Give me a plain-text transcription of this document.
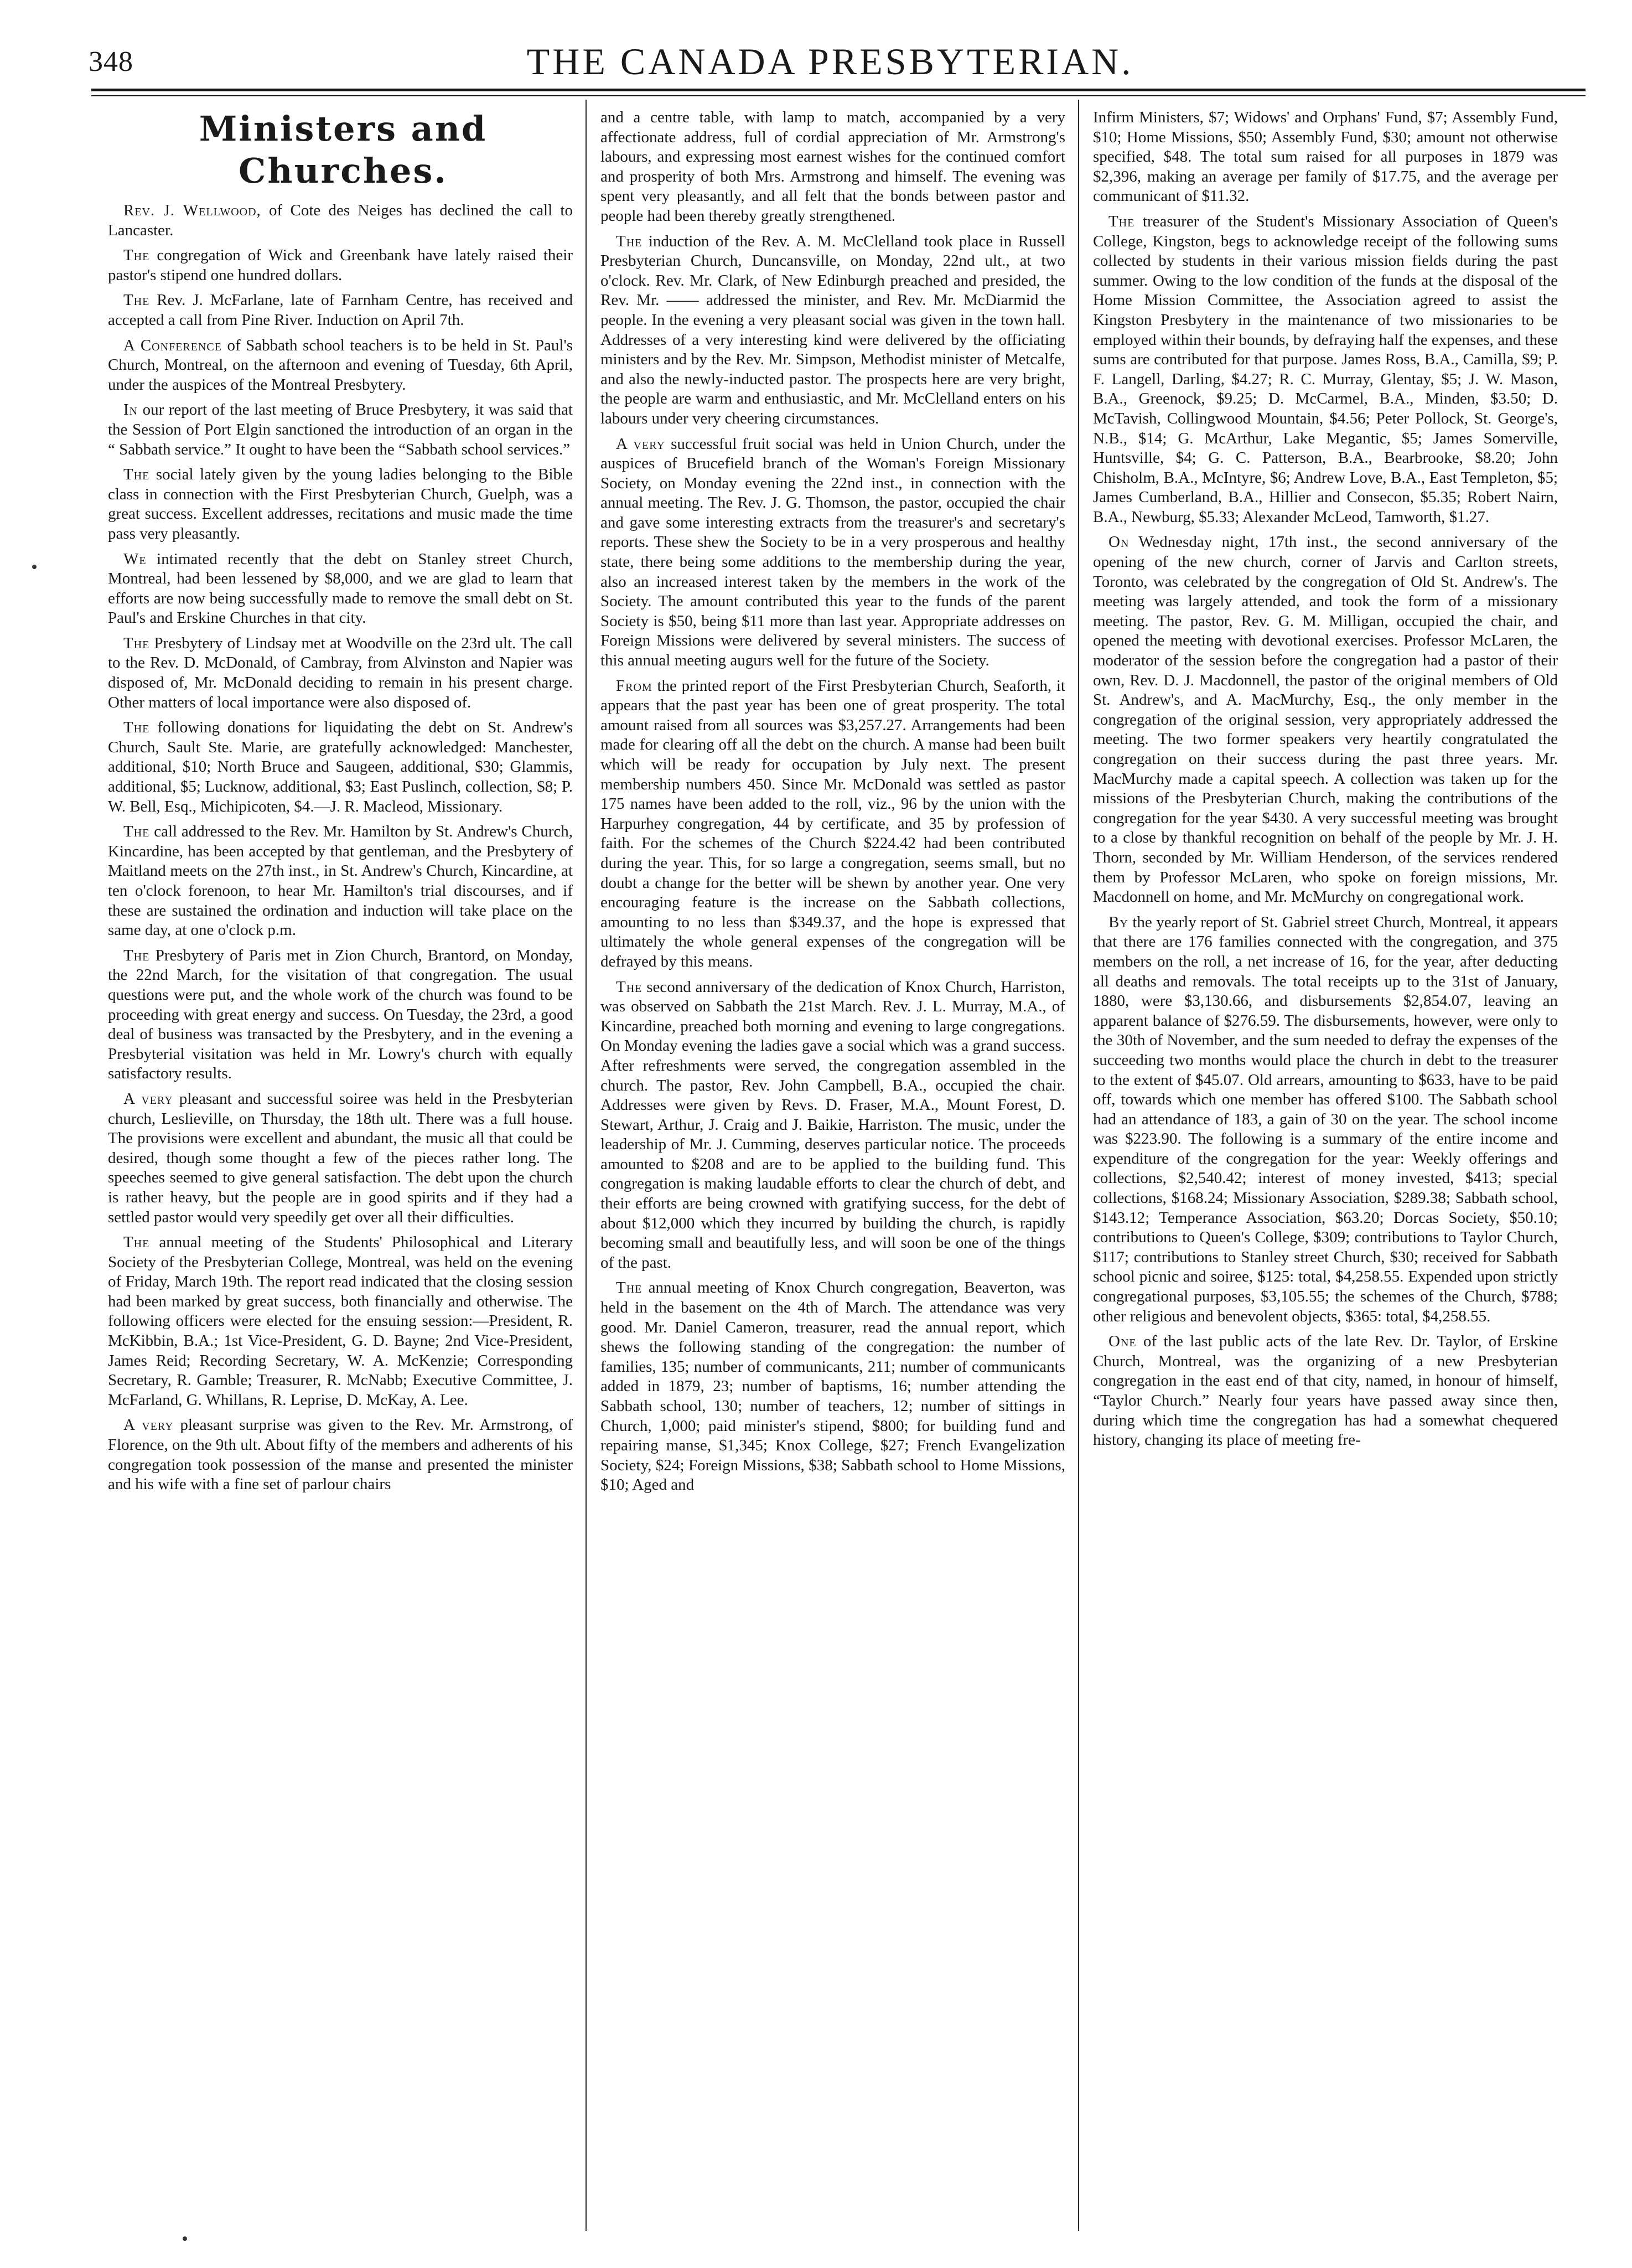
348	THE CANADA PRESBYTERIAN.
Ministers and Churches.

Rev. J. Wellwood, of Cote des Neiges has declined the call to Lancaster.

The congregation of Wick and Greenbank have lately raised their pastor's stipend one hundred dollars.

The Rev. J. McFarlane, late of Farnham Centre, has received and accepted a call from Pine River. Induction on April 7th.

A Conference of Sabbath school teachers is to be held in St. Paul's Church, Montreal, on the afternoon and evening of Tuesday, 6th April, under the auspices of the Montreal Presbytery.

In our report of the last meeting of Bruce Presbytery, it was said that the Session of Port Elgin sanctioned the introduction of an organ in the “ Sabbath service.” It ought to have been the “Sabbath school services.”

The social lately given by the young ladies belonging to the Bible class in connection with the First Presbyterian Church, Guelph, was a great success. Excellent addresses, recitations and music made the time pass very pleasantly.

We intimated recently that the debt on Stanley street Church, Montreal, had been lessened by $8,000, and we are glad to learn that efforts are now being successfully made to remove the small debt on St. Paul's and Erskine Churches in that city.

The Presbytery of Lindsay met at Woodville on the 23rd ult. The call to the Rev. D. McDonald, of Cambray, from Alvinston and Napier was disposed of, Mr. McDonald deciding to remain in his present charge. Other matters of local importance were also disposed of.

The following donations for liquidating the debt on St. Andrew's Church, Sault Ste. Marie, are gratefully acknowledged: Manchester, additional, $10; North Bruce and Saugeen, additional, $30; Glammis, additional, $5; Lucknow, additional, $3; East Puslinch, collection, $8; P. W. Bell, Esq., Michipicoten, $4.—J. R. Macleod, Missionary.

The call addressed to the Rev. Mr. Hamilton by St. Andrew's Church, Kincardine, has been accepted by that gentleman, and the Presbytery of Maitland meets on the 27th inst., in St. Andrew's Church, Kincardine, at ten o'clock forenoon, to hear Mr. Hamilton's trial discourses, and if these are sustained the ordination and induction will take place on the same day, at one o'clock p.m.

The Presbytery of Paris met in Zion Church, Brantord, on Monday, the 22nd March, for the visitation of that congregation. The usual questions were put, and the whole work of the church was found to be proceeding with great energy and success. On Tuesday, the 23rd, a good deal of business was transacted by the Presbytery, and in the evening a Presbyterial visitation was held in Mr. Lowry's church with equally satisfactory results.

A very pleasant and successful soiree was held in the Presbyterian church, Leslieville, on Thursday, the 18th ult. There was a full house. The provisions were excellent and abundant, the music all that could be desired, though some thought a few of the pieces rather long. The speeches seemed to give general satisfaction. The debt upon the church is rather heavy, but the people are in good spirits and if they had a settled pastor would very speedily get over all their difficulties.

The annual meeting of the Students' Philosophical and Literary Society of the Presbyterian College, Montreal, was held on the evening of Friday, March 19th. The report read indicated that the closing session had been marked by great success, both financially and otherwise. The following officers were elected for the ensuing session:—President, R. McKibbin, B.A.; 1st Vice-President, G. D. Bayne; 2nd Vice-President, James Reid; Recording Secretary, W. A. McKenzie; Corresponding Secretary, R. Gamble; Treasurer, R. McNabb; Executive Committee, J. McFarland, G. Whillans, R. Leprise, D. McKay, A. Lee.

A very pleasant surprise was given to the Rev. Mr. Armstrong, of Florence, on the 9th ult. About fifty of the members and adherents of his congregation took possession of the manse and presented the minister and his wife with a fine set of parlour chairs

and a centre table, with lamp to match, accompanied by a very affectionate address, full of cordial appreciation of Mr. Armstrong's labours, and expressing most earnest wishes for the continued comfort and prosperity of both Mrs. Armstrong and himself. The evening was spent very pleasantly, and all felt that the bonds between pastor and people had been thereby greatly strengthened.

The induction of the Rev. A. M. McClelland took place in Russell Presbyterian Church, Duncansville, on Monday, 22nd ult., at two o'clock. Rev. Mr. Clark, of New Edinburgh preached and presided, the Rev. Mr. —— addressed the minister, and Rev. Mr. McDiarmid the people. In the evening a very pleasant social was given in the town hall. Addresses of a very interesting kind were delivered by the officiating ministers and by the Rev. Mr. Simpson, Methodist minister of Metcalfe, and also the newly-inducted pastor. The prospects here are very bright, the people are warm and enthusiastic, and Mr. McClelland enters on his labours under very cheering circumstances.

A very successful fruit social was held in Union Church, under the auspices of Brucefield branch of the Woman's Foreign Missionary Society, on Monday evening the 22nd inst., in connection with the annual meeting. The Rev. J. G. Thomson, the pastor, occupied the chair and gave some interesting extracts from the treasurer's and secretary's reports. These shew the Society to be in a very prosperous and healthy state, there being some additions to the membership during the year, also an increased interest taken by the members in the work of the Society. The amount contributed this year to the funds of the parent Society is $50, being $11 more than last year. Appropriate addresses on Foreign Missions were delivered by several ministers. The success of this annual meeting augurs well for the future of the Society.

From the printed report of the First Presbyterian Church, Seaforth, it appears that the past year has been one of great prosperity. The total amount raised from all sources was $3,257.27. Arrangements had been made for clearing off all the debt on the church. A manse had been built which will be ready for occupation by July next. The present membership numbers 450. Since Mr. McDonald was settled as pastor 175 names have been added to the roll, viz., 96 by the union with the Harpurhey congregation, 44 by certificate, and 35 by profession of faith. For the schemes of the Church $224.42 had been contributed during the year. This, for so large a congregation, seems small, but no doubt a change for the better will be shewn by another year. One very encouraging feature is the increase on the Sabbath collections, amounting to no less than $349.37, and the hope is expressed that ultimately the whole general expenses of the congregation will be defrayed by this means.

The second anniversary of the dedication of Knox Church, Harriston, was observed on Sabbath the 21st March. Rev. J. L. Murray, M.A., of Kincardine, preached both morning and evening to large congregations. On Monday evening the ladies gave a social which was a grand success. After refreshments were served, the congregation assembled in the church. The pastor, Rev. John Campbell, B.A., occupied the chair. Addresses were given by Revs. D. Fraser, M.A., Mount Forest, D. Stewart, Arthur, J. Craig and J. Baikie, Harriston. The music, under the leadership of Mr. J. Cumming, deserves particular notice. The proceeds amounted to $208 and are to be applied to the building fund. This congregation is making laudable efforts to clear the church of debt, and their efforts are being crowned with gratifying success, for the debt of about $12,000 which they incurred by building the church, is rapidly becoming small and beautifully less, and will soon be one of the things of the past.

The annual meeting of Knox Church congregation, Beaverton, was held in the basement on the 4th of March. The attendance was very good. Mr. Daniel Cameron, treasurer, read the annual report, which shews the following standing of the congregation: the number of families, 135; number of communicants, 211; number of communicants added in 1879, 23; number of baptisms, 16; number attending the Sabbath school, 130; number of teachers, 12; number of sittings in Church, 1,000; paid minister's stipend, $800; for building fund and repairing manse, $1,345; Knox College, $27; French Evangelization Society, $24; Foreign Missions, $38; Sabbath school to Home Missions, $10; Aged and

Infirm Ministers, $7; Widows' and Orphans' Fund, $7; Assembly Fund, $10; Home Missions, $50; Assembly Fund, $30; amount not otherwise specified, $48. The total sum raised for all purposes in 1879 was $2,396, making an average per family of $17.75, and the average per communicant of $11.32.

The treasurer of the Student's Missionary Association of Queen's College, Kingston, begs to acknowledge receipt of the following sums collected by students in their various mission fields during the past summer. Owing to the low condition of the funds at the disposal of the Home Mission Committee, the Association agreed to assist the Kingston Presbytery in the maintenance of two missionaries to be employed within their bounds, by defraying half the expenses, and these sums are contributed for that purpose. James Ross, B.A., Camilla, $9; P. F. Langell, Darling, $4.27; R. C. Murray, Glentay, $5; J. W. Mason, B.A., Greenock, $9.25; D. McCarmel, B.A., Minden, $3.50; D. McTavish, Collingwood Mountain, $4.56; Peter Pollock, St. George's, N.B., $14; G. McArthur, Lake Megantic, $5; James Somerville, Huntsville, $4; G. C. Patterson, B.A., Bearbrooke, $8.20; John Chisholm, B.A., McIntyre, $6; Andrew Love, B.A., East Templeton, $5; James Cumberland, B.A., Hillier and Consecon, $5.35; Robert Nairn, B.A., Newburg, $5.33; Alexander McLeod, Tamworth, $1.27.

On Wednesday night, 17th inst., the second anniversary of the opening of the new church, corner of Jarvis and Carlton streets, Toronto, was celebrated by the congregation of Old St. Andrew's. The meeting was largely attended, and took the form of a missionary meeting. The pastor, Rev. G. M. Milligan, occupied the chair, and opened the meeting with devotional exercises. Professor McLaren, the moderator of the session before the congregation had a pastor of their own, Rev. D. J. Macdonnell, the pastor of the original members of Old St. Andrew's, and A. MacMurchy, Esq., the only member in the congregation of the original session, very appropriately addressed the meeting. The two former speakers very heartily congratulated the congregation on their success during the past three years. Mr. MacMurchy made a capital speech. A collection was taken up for the missions of the Presbyterian Church, making the contributions of the congregation for the year $430. A very successful meeting was brought to a close by thankful recognition on behalf of the people by Mr. J. H. Thorn, seconded by Mr. William Henderson, of the services rendered them by Professor McLaren, who spoke on foreign missions, Mr. Macdonnell on home, and Mr. McMurchy on congregational work.

By the yearly report of St. Gabriel street Church, Montreal, it appears that there are 176 families connected with the congregation, and 375 members on the roll, a net increase of 16, for the year, after deducting all deaths and removals. The total receipts up to the 31st of January, 1880, were $3,130.66, and disbursements $2,854.07, leaving an apparent balance of $276.59. The disbursements, however, were only to the 30th of November, and the sum needed to defray the expenses of the succeeding two months would place the church in debt to the treasurer to the extent of $45.07. Old arrears, amounting to $633, have to be paid off, towards which one member has offered $100. The Sabbath school had an attendance of 183, a gain of 30 on the year. The school income was $223.90. The following is a summary of the entire income and expenditure of the congregation for the year: Weekly offerings and collections, $2,540.42; interest of money invested, $413; special collections, $168.24; Missionary Association, $289.38; Sabbath school, $143.12; Temperance Association, $63.20; Dorcas Society, $50.10; contributions to Queen's College, $309; contributions to Taylor Church, $117; contributions to Stanley street Church, $30; received for Sabbath school picnic and soiree, $125: total, $4,258.55. Expended upon strictly congregational purposes, $3,105.55; the schemes of the Church, $788; other religious and benevolent objects, $365: total, $4,258.55.

One of the last public acts of the late Rev. Dr. Taylor, of Erskine Church, Montreal, was the organizing of a new Presbyterian congregation in the east end of that city, named, in honour of himself, “Taylor Church.” Nearly four years have passed away since then, during which time the congregation has had a somewhat chequered history, changing its place of meeting fre-
